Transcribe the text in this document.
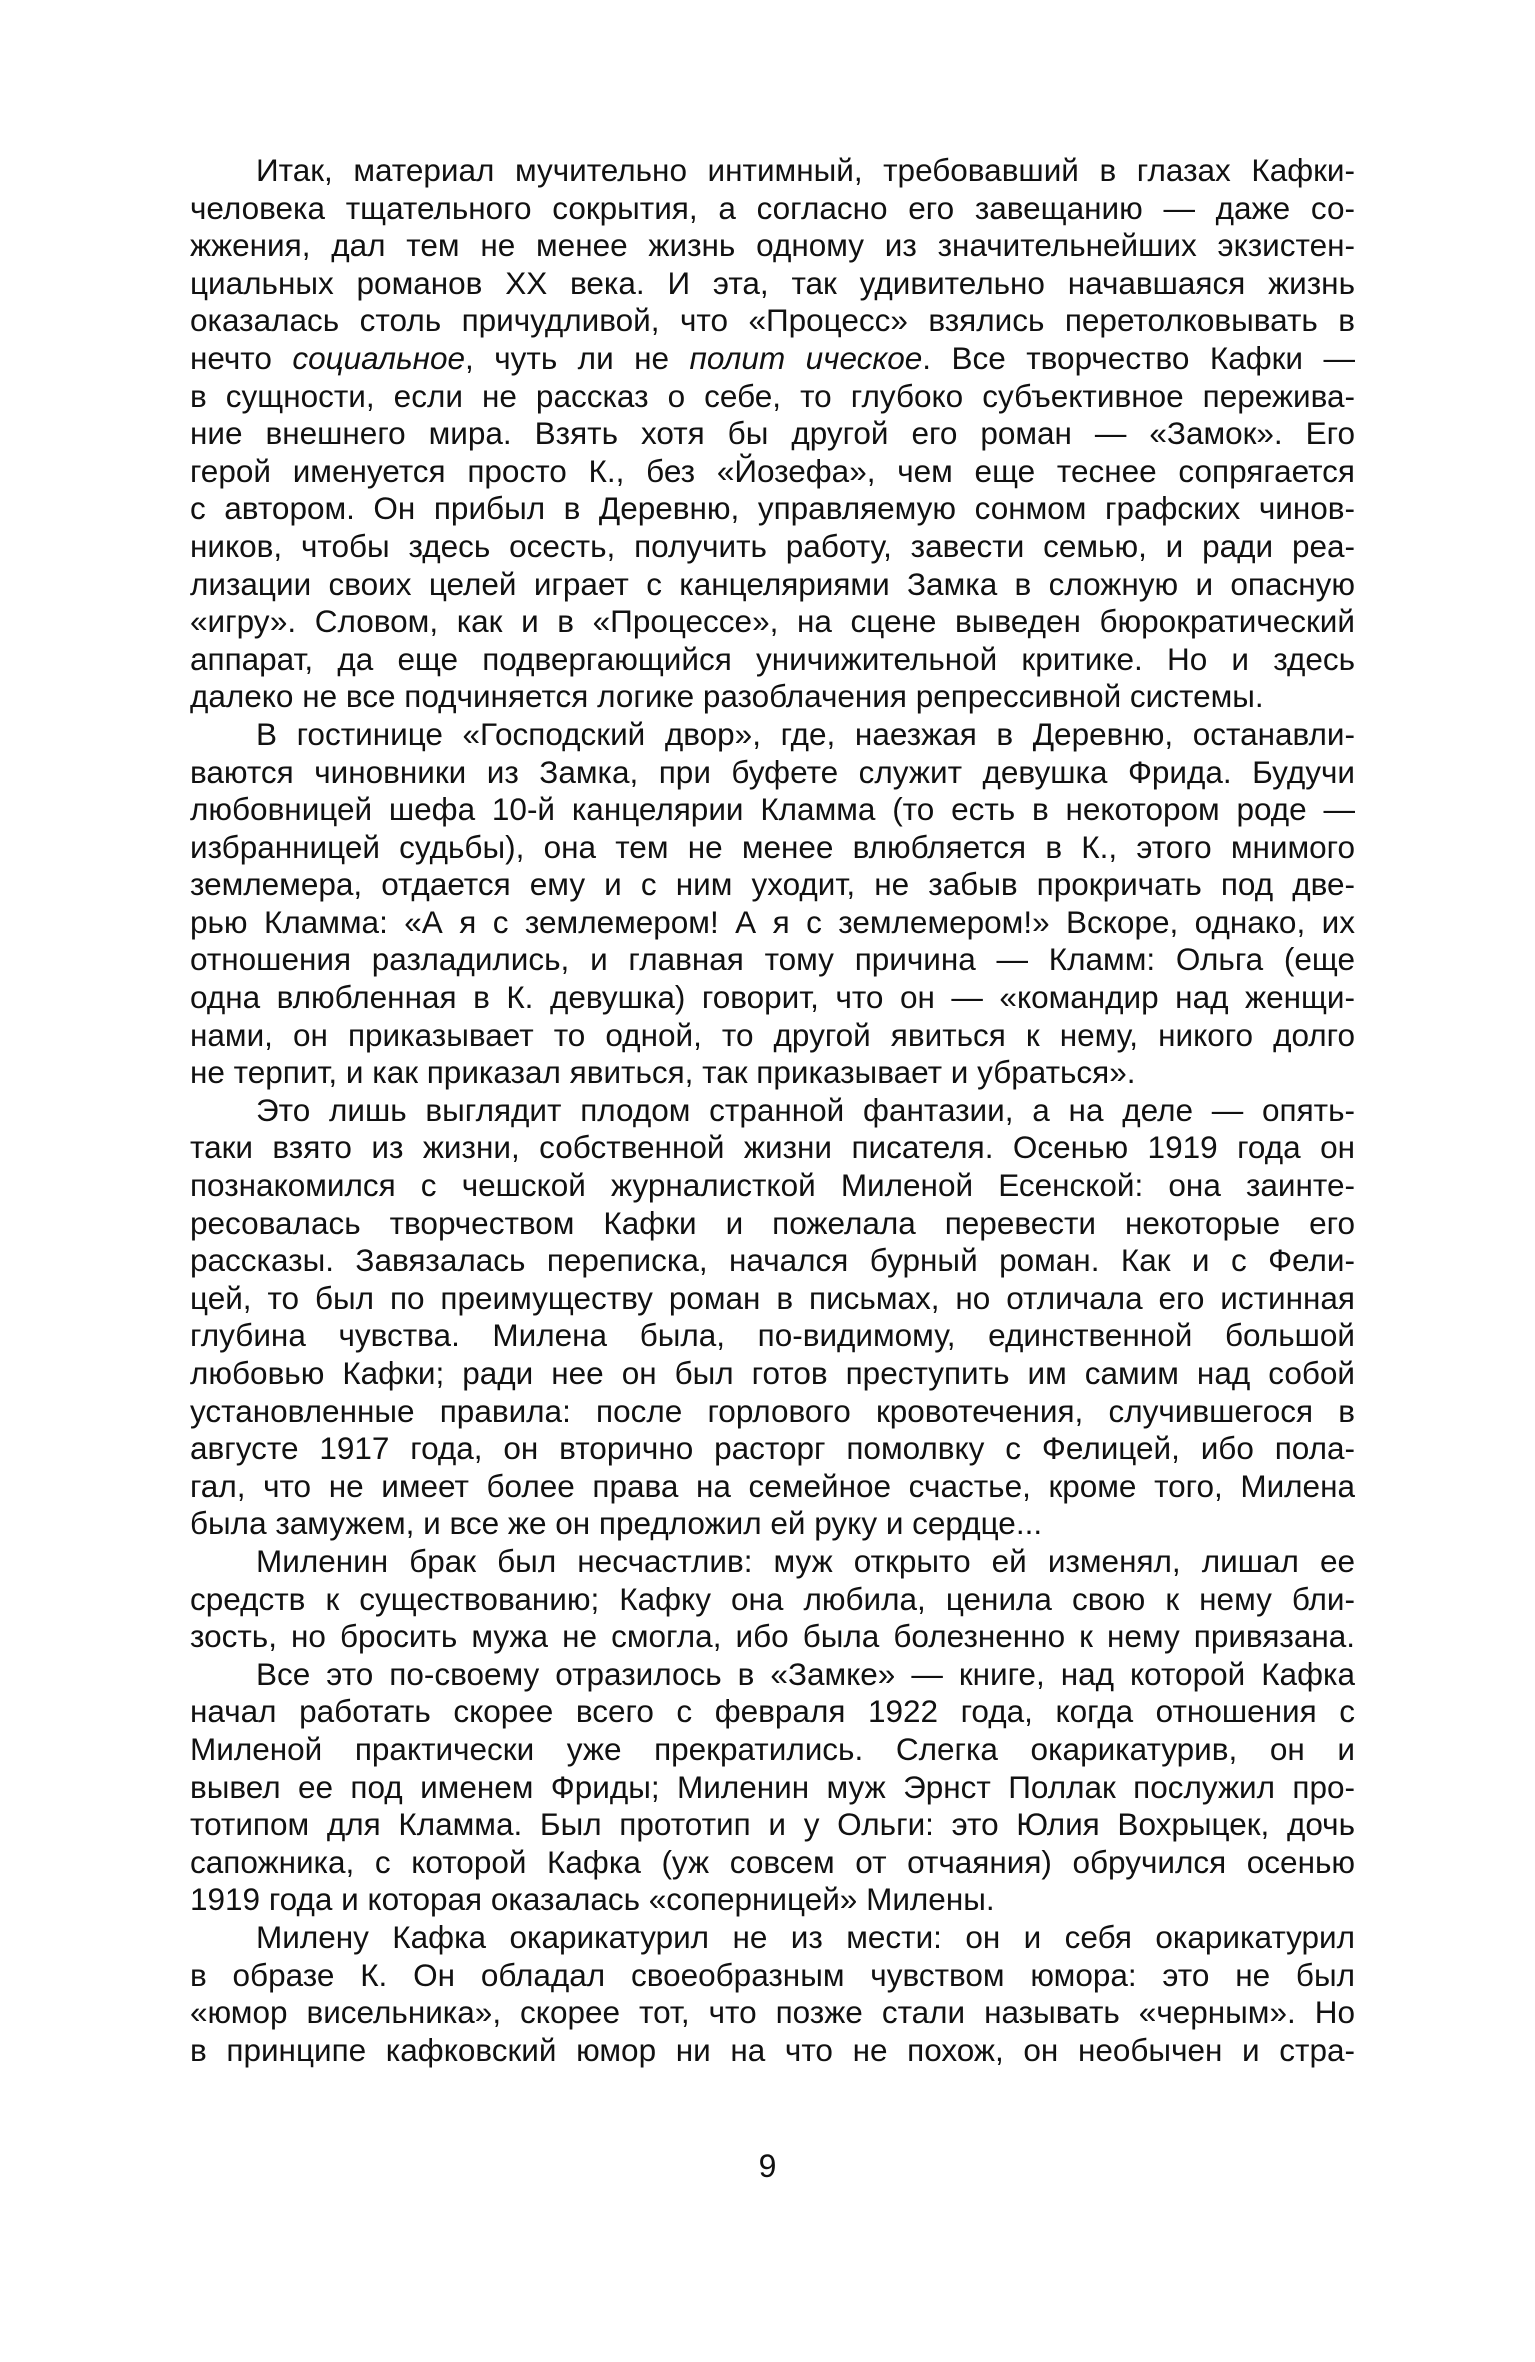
Итак, материал мучительно интимный, требовавший в глазах Кафки-
человека тщательного сокрытия, а согласно его завещанию — даже со-
жжения, дал тем не менее жизнь одному из значительнейших экзистен-
циальных романов XX века. И эта, так удивительно начавшаяся жизнь
оказалась столь причудливой, что «Процесс» взялись перетолковывать в
нечто социальное, чуть ли не полит ическое. Все творчество Кафки —
в сущности, если не рассказ о себе, то глубоко субъективное пережива-
ние внешнего мира. Взять хотя бы другой его роман — «Замок». Его
герой именуется просто К., без «Йозефа», чем еще теснее сопрягается
с автором. Он прибыл в Деревню, управляемую сонмом графских чинов-
ников, чтобы здесь осесть, получить работу, завести семью, и ради реа-
лизации своих целей играет с канцеляриями Замка в сложную и опасную
«игру». Словом, как и в «Процессе», на сцене выведен бюрократический
аппарат, да еще подвергающийся уничижительной критике. Но и здесь
далеко не все подчиняется логике разоблачения репрессивной системы.
В гостинице «Господский двор», где, наезжая в Деревню, останавли-
ваются чиновники из Замка, при буфете служит девушка Фрида. Будучи
любовницей шефа 10-й канцелярии Кламма (то есть в некотором роде —
избранницей судьбы), она тем не менее влюбляется в К., этого мнимого
землемера, отдается ему и с ним уходит, не забыв прокричать под две-
рью Кламма: «А я с землемером! А я с землемером!» Вскоре, однако, их
отношения разладились, и главная тому причина — Кламм: Ольга (еще
одна влюбленная в К. девушка) говорит, что он — «командир над женщи-
нами, он приказывает то одной, то другой явиться к нему, никого долго
не терпит, и как приказал явиться, так приказывает и убраться».
Это лишь выглядит плодом странной фантазии, а на деле — опять-
таки взято из жизни, собственной жизни писателя. Осенью 1919 года он
познакомился с чешской журналисткой Миленой Есенской: она заинте-
ресовалась творчеством Кафки и пожелала перевести некоторые его
рассказы. Завязалась переписка, начался бурный роман. Как и с Фели-
цей, то был по преимуществу роман в письмах, но отличала его истинная
глубина чувства. Милена была, по-видимому, единственной большой
любовью Кафки; ради нее он был готов преступить им самим над собой
установленные правила: после горлового кровотечения, случившегося в
августе 1917 года, он вторично расторг помолвку с Фелицей, ибо пола-
гал, что не имеет более права на семейное счастье, кроме того, Милена
была замужем, и все же он предложил ей руку и сердце...
Миленин брак был несчастлив: муж открыто ей изменял, лишал ее
средств к существованию; Кафку она любила, ценила свою к нему бли-
зость, но бросить мужа не смогла, ибо была болезненно к нему привязана.
Все это по-своему отразилось в «Замке» — книге, над которой Кафка
начал работать скорее всего с февраля 1922 года, когда отношения с
Миленой практически уже прекратились. Слегка окарикатурив, он и
вывел ее под именем Фриды; Миленин муж Эрнст Поллак послужил про-
тотипом для Кламма. Был прототип и у Ольги: это Юлия Вохрыцек, дочь
сапожника, с которой Кафка (уж совсем от отчаяния) обручился осенью
1919 года и которая оказалась «соперницей» Милены.
Милену Кафка окарикатурил не из мести: он и себя окарикатурил
в образе К. Он обладал своеобразным чувством юмора: это не был
«юмор висельника», скорее тот, что позже стали называть «черным». Но
в принципе кафковский юмор ни на что не похож, он необычен и стра-
9
